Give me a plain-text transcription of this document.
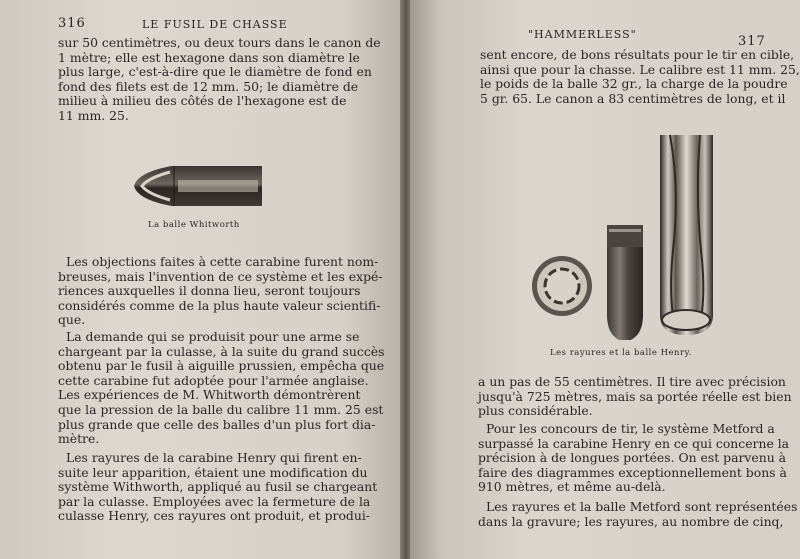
316	LE FUSIL DE CHASSE
sur 50 centimètres, ou deux tours dans le canon de
1 mètre; elle est hexagone dans son diamètre le
plus large, c'est-à-dire que le diamètre de fond en
fond des filets est de 12 mm. 50; le diamètre de
milieu à milieu des côtés de l'hexagone est de
11 mm. 25.
La balle Whitworth
Les objections faites à cette carabine furent nom-
breuses, mais l'invention de ce système et les expé-
riences auxquelles il donna lieu, seront toujours
considérés comme de la plus haute valeur scientifi-
que.
La demande qui se produisit pour une arme se
chargeant par la culasse, à la suite du grand succès
obtenu par le fusil à aiguille prussien, empêcha que
cette carabine fut adoptée pour l'armée anglaise.
Les expériences de M. Whitworth démontrèrent
que la pression de la balle du calibre 11 mm. 25 est
plus grande que celle des balles d'un plus fort dia-
mètre.
Les rayures de la carabine Henry qui firent en-
suite leur apparition, étaient une modification du
système Withworth, appliqué au fusil se chargeant
par la culasse. Employées avec la fermeture de la
culasse Henry, ces rayures ont produit, et produi-
"HAMMERLESS"	317
sent encore, de bons résultats pour le tir en cible,
ainsi que pour la chasse. Le calibre est 11 mm. 25,
le poids de la balle 32 gr., la charge de la poudre
5 gr. 65. Le canon a 83 centimètres de long, et il
Les rayures et la balle Henry.
a un pas de 55 centimètres. Il tire avec précision
jusqu'à 725 mètres, mais sa portée réelle est bien
plus considérable.
Pour les concours de tir, le système Metford a
surpassé la carabine Henry en ce qui concerne la
précision à de longues portées. On est parvenu à
faire des diagrammes exceptionnellement bons à
910 mètres, et même au-delà.
Les rayures et la balle Metford sont représentées
dans la gravure; les rayures, au nombre de cinq,
